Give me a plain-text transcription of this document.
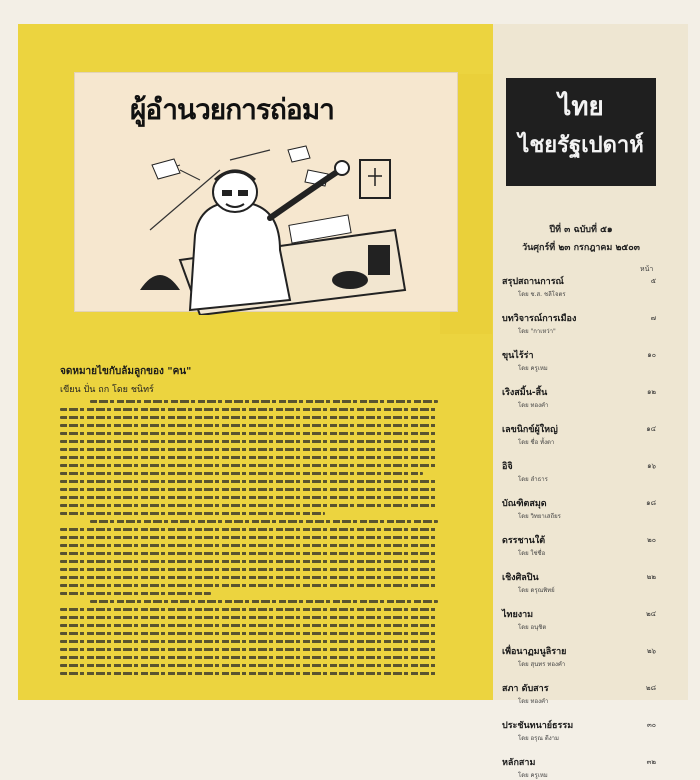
ผู้อำนวยการถ่อมา	ไทย
ไชยรัฐเปดาห์
ปีที่ ๓ ฉบับที่ ๕๑
วันศุกร์ที่ ๒๓ กรกฎาคม ๒๕๐๓
หน้า
สรุปสถานการณ์
โดย ช.ส. ชลีโจตร
๕
บทวิจารณ์การเมือง
โดย "กาเหว่า"
๗
ขุนไร้ร่า
โดย ครูเหม
๑๐
เริงสมิ้น-สิ้น
โดย ทองคำ
๑๒
เลขนิกข์ผู้ใหญ่
โดย ชื่อ ทั้งตา
๑๔
อิจิ
โดย ลำธาร
๑๖
บัณฑิตสมุด
โดย วิทยาเสถียร
๑๘
ดรรชานใต้
โดย ใช่ชื่อ
๒๐
เชิงศิลปิน
โดย ดรุณพิทย์
๒๒
ไทยงาม
โดย อนุชิต
๒๔
เพื่อนาฏมนูลิราย
โดย สุนทร ทองคำ
๒๖
สภา ดับสาร
โดย ทองคำ
๒๘
ประชันทนาย์ธรรม
โดย อรุณ ดีงาม
๓๐
หลักสาม
โดย ครูเหม
๓๒
จดหมายไขกับล้มลูกของ "คน"
เขียน ปั่น ถก โดย ชนิทร์
